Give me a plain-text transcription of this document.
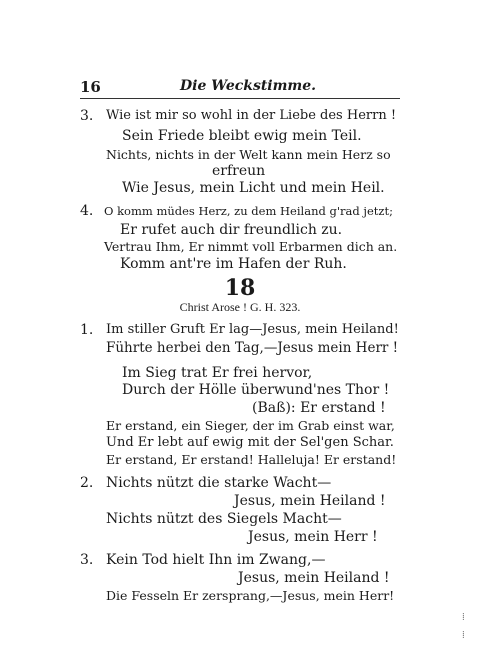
16	Die Weckstimme.
3. Wie ist mir so wohl in der Liebe des Herrn !
Sein Friede bleibt ewig mein Teil.
Nichts, nichts in der Welt kann mein Herz so
erfreun
Wie Jesus, mein Licht und mein Heil.
4. O komm müdes Herz, zu dem Heiland g'rad jetzt;
Er rufet auch dir freundlich zu.
Vertrau Ihm, Er nimmt voll Erbarmen dich an.
Komm ant're im Hafen der Ruh.
18
Christ Arose ! G. H. 323.
1. Im stiller Gruft Er lag—Jesus, mein Heiland!
Führte herbei den Tag,—Jesus mein Herr !
Im Sieg trat Er frei hervor,
Durch der Hölle überwund'nes Thor !
(Baß): Er erstand !
Er erstand, ein Sieger, der im Grab einst war,
Und Er lebt auf ewig mit der Sel'gen Schar.
Er erstand, Er erstand! Halleluja! Er erstand!
2. Nichts nützt die starke Wacht—
Jesus, mein Heiland !
Nichts nützt des Siegels Macht—
Jesus, mein Herr !
3. Kein Tod hielt Ihn im Zwang,—
Jesus, mein Heiland !
Die Fesseln Er zersprang,—Jesus, mein Herr!
⁞
⁞
